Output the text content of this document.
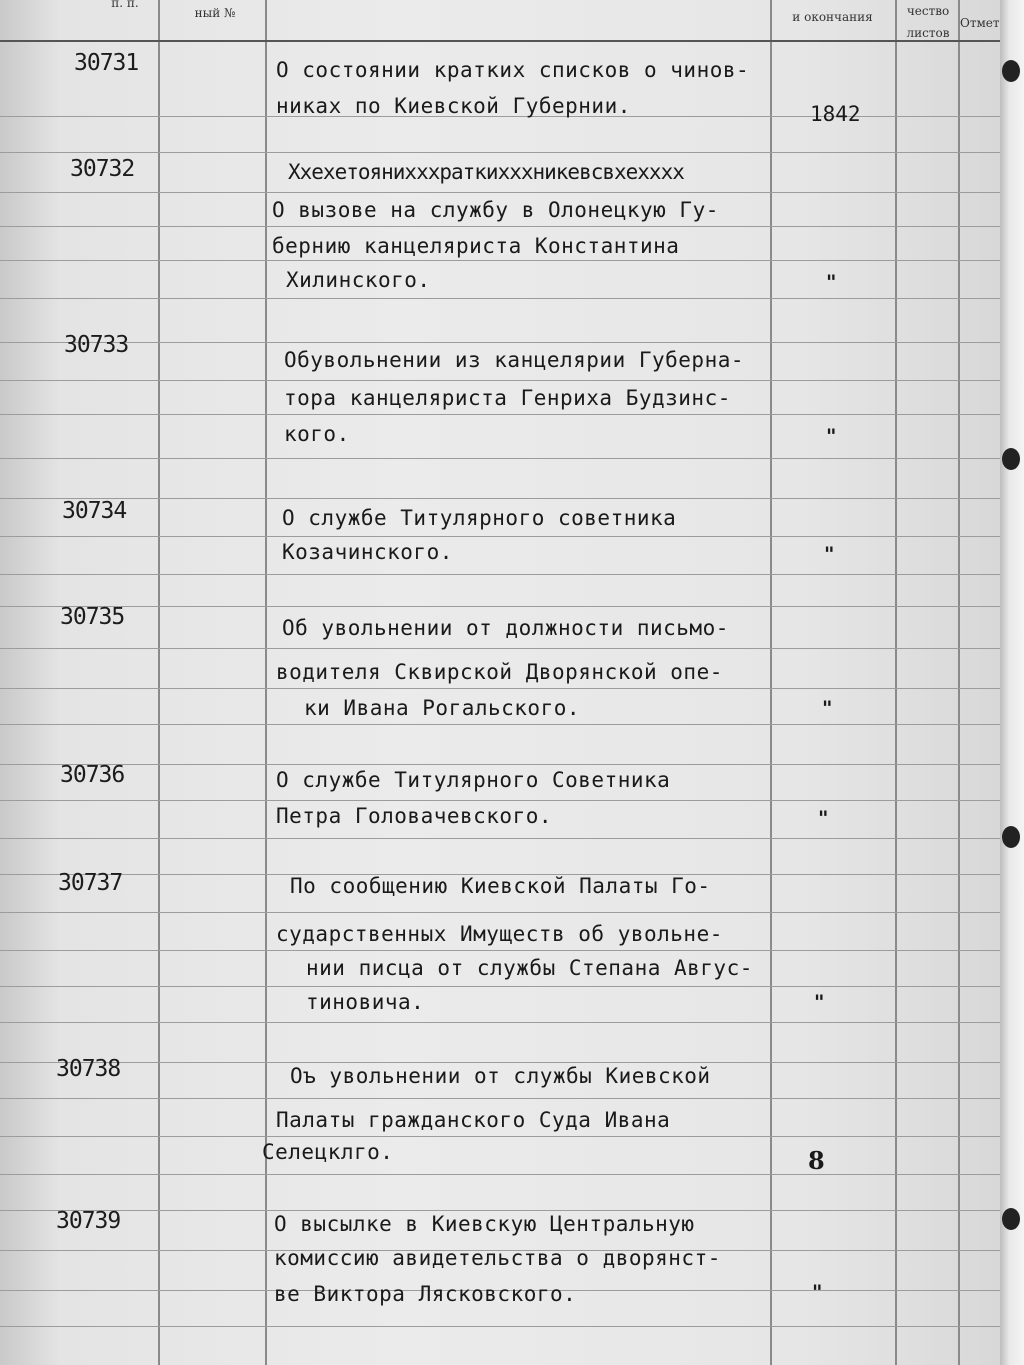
п. п.
ный №	и окончания	чество
листов
Отмет
30731	О состоянии кратких списков о чинов-
никах по Киевской Губернии.	1842
30732	Ххехетоянихххраткихххникевсвхехххх
О вызове на службу в Олонецкую Гу-
бернию канцеляриста Константина
Хилинского.	"
30733
Обувольнении из канцелярии Губерна-
тора канцеляриста Генриха Будзинс-
кого.	"
30734	О службе Титулярного советника
Козачинского.	"
30735	Об увольнении от должности письмо-
водителя Сквирской Дворянской опе-
ки Ивана Рогальского.	"
30736	О службе Титулярного Советника
Петра Головачевского.	"
30737	По сообщению Киевской Палаты Го-
сударственных Имуществ об увольне-
нии писца от службы Степана Авгус-
тиновича.	"
30738	Оъ увольнении от службы Киевской
Палаты гражданского Суда Ивана
Селецклго.	8
30739	О высылке в Киевскую Центральную
комиссию авидетельства о дворянст-
ве Виктора Лясковского.	"
